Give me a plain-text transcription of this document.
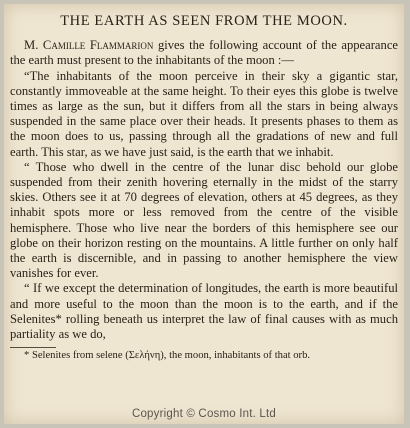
THE EARTH AS SEEN FROM THE MOON.

M. Camille Flammarion gives the following account of the appearance the earth must present to the inhabitants of the moon :—

“The inhabitants of the moon perceive in their sky a gigantic star, constantly immoveable at the same height. To their eyes this globe is twelve times as large as the sun, but it differs from all the stars in being always suspended in the same place over their heads. It presents phases to them as the moon does to us, passing through all the gradations of new and full earth. This star, as we have just said, is the earth that we inhabit.

“ Those who dwell in the centre of the lunar disc behold our globe suspended from their zenith hovering eternally in the midst of the starry skies. Others see it at 70 degrees of elevation, others at 45 degrees, as they inhabit spots more or less removed from the centre of the visible hemisphere. Those who live near the borders of this hemisphere see our globe on their horizon resting on the mountains. A little further on only half the earth is discernible, and in passing to another hemisphere the view vanishes for ever.

“ If we except the determination of longitudes, the earth is more beautiful and more useful to the moon than the moon is to the earth, and if the Selenites* rolling beneath us interpret the law of final causes with as much partiality as we do,

* Selenites from selene (Σελήνη), the moon, inhabitants of that orb.

Copyright © Cosmo Int. Ltd
